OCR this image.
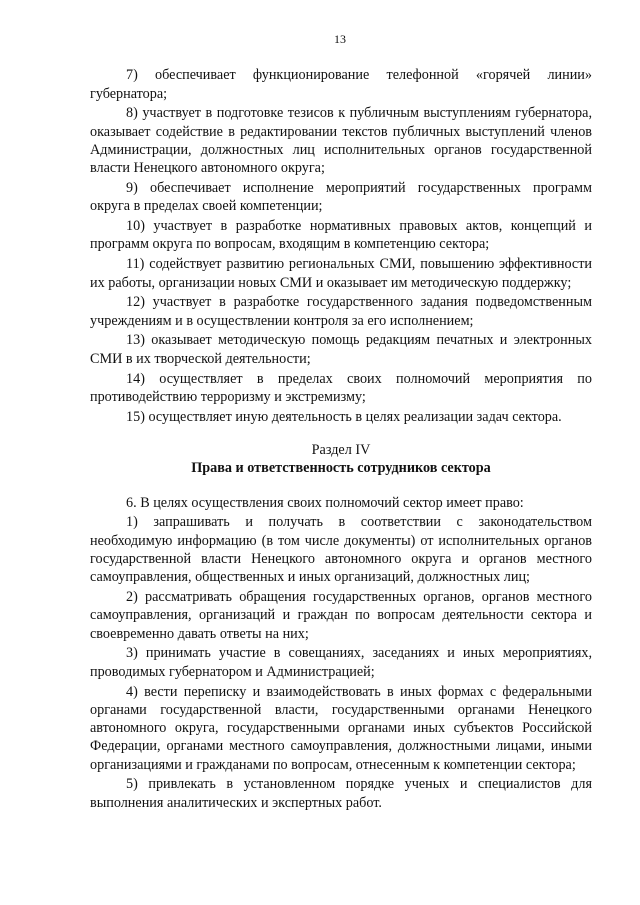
13

7) обеспечивает функционирование телефонной «горячей линии» губернатора;

8) участвует в подготовке тезисов к публичным выступлениям губернатора, оказывает содействие в редактировании текстов публичных выступлений членов Администрации, должностных лиц исполнительных органов государственной власти Ненецкого автономного округа;

9) обеспечивает исполнение мероприятий государственных программ округа в пределах своей компетенции;

10) участвует в разработке нормативных правовых актов, концепций и программ округа по вопросам, входящим в компетенцию сектора;

11) содействует развитию региональных СМИ, повышению эффективности их работы, организации новых СМИ и оказывает им методическую поддержку;

12) участвует в разработке государственного задания подведомственным учреждениям и в осуществлении контроля за его исполнением;

13) оказывает методическую помощь редакциям печатных и электронных СМИ в их творческой деятельности;

14) осуществляет в пределах своих полномочий мероприятия по противодействию терроризму и экстремизму;

15) осуществляет иную деятельность в целях реализации задач сектора.

Раздел IV
Права и ответственность сотрудников сектора

6. В целях осуществления своих полномочий сектор имеет право:

1) запрашивать и получать в соответствии с законодательством необходимую информацию (в том числе документы) от исполнительных органов государственной власти Ненецкого автономного округа и органов местного самоуправления, общественных и иных организаций, должностных лиц;

2) рассматривать обращения государственных органов, органов местного самоуправления, организаций и граждан по вопросам деятельности сектора и своевременно давать ответы на них;

3) принимать участие в совещаниях, заседаниях и иных мероприятиях, проводимых губернатором и Администрацией;

4) вести переписку и взаимодействовать в иных формах с федеральными органами государственной власти, государственными органами Ненецкого автономного округа, государственными органами иных субъектов Российской Федерации, органами местного самоуправления, должностными лицами, иными организациями и гражданами по вопросам, отнесенным к компетенции сектора;

5) привлекать в установленном порядке ученых и специалистов для выполнения аналитических и экспертных работ.
